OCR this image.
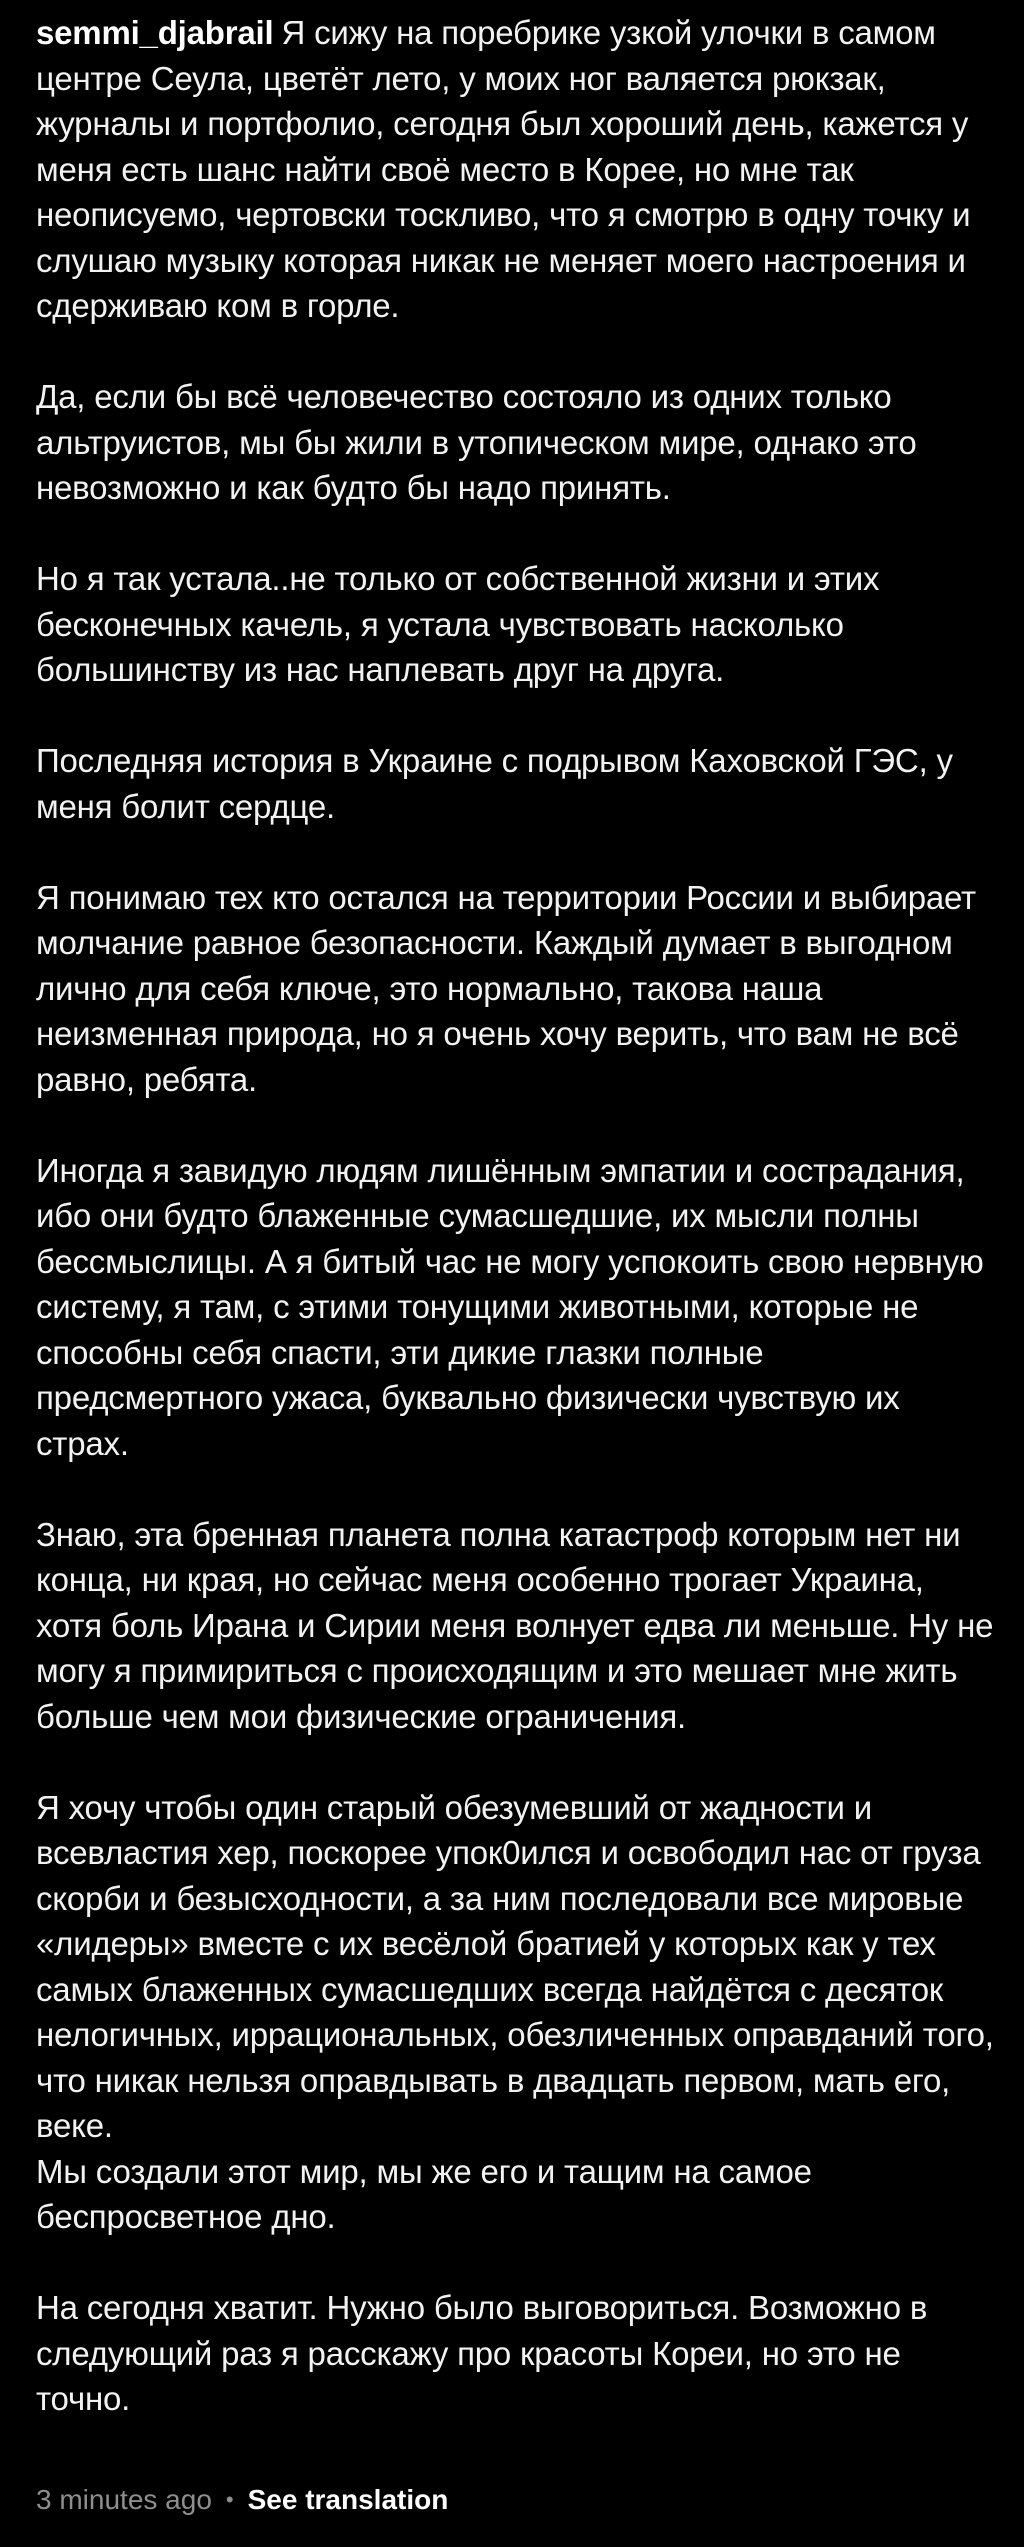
semmi_djabrail Я сижу на поребрике узкой улочки в самом центре Сеула, цветёт лето, у моих ног валяется рюкзак, журналы и портфолио, сегодня был хороший день, кажется у меня есть шанс найти своё место в Корее, но мне так неописуемо, чертовски тоскливо, что я смотрю в одну точку и слушаю музыку которая никак не меняет моего настроения и сдерживаю ком в горле.

Да, если бы всё человечество состояло из одних только альтруистов, мы бы жили в утопическом мире, однако это невозможно и как будто бы надо принять.

Но я так устала..не только от собственной жизни и этих бесконечных качель, я устала чувствовать насколько большинству из нас наплевать друг на друга.

Последняя история в Украине с подрывом Каховской ГЭС, у меня болит сердце.

Я понимаю тех кто остался на территории России и выбирает молчание равное безопасности. Каждый думает в выгодном лично для себя ключе, это нормально, такова наша неизменная природа, но я очень хочу верить, что вам не всё равно, ребята.

Иногда я завидую людям лишённым эмпатии и сострадания, ибо они будто блаженные сумасшедшие, их мысли полны бессмыслицы. А я битый час не могу успокоить свою нервную систему, я там, с этими тонущими животными, которые не способны себя спасти, эти дикие глазки полные предсмертного ужаса, буквально физически чувствую их страх.

Знаю, эта бренная планета полна катастроф которым нет ни конца, ни края, но сейчас меня особенно трогает Украина, хотя боль Ирана и Сирии меня волнует едва ли меньше. Ну не могу я примириться с происходящим и это мешает мне жить больше чем мои физические ограничения.

Я хочу чтобы один старый обезумевший от жадности и всевластия хер, поскорее упок0ился и освободил нас от груза скорби и безысходности, а за ним последовали все мировые «лидеры» вместе с их весёлой братией у которых как у тех самых блаженных сумасшедших всегда найдётся с десяток нелогичных, иррациональных, обезличенных оправданий того, что никак нельзя оправдывать в двадцать первом, мать его, веке.
Мы создали этот мир, мы же его и тащим на самое беспросветное дно.

На сегодня хватит. Нужно было выговориться. Возможно в следующий раз я расскажу про красоты Кореи, но это не точно.

3 minutes ago • See translation
